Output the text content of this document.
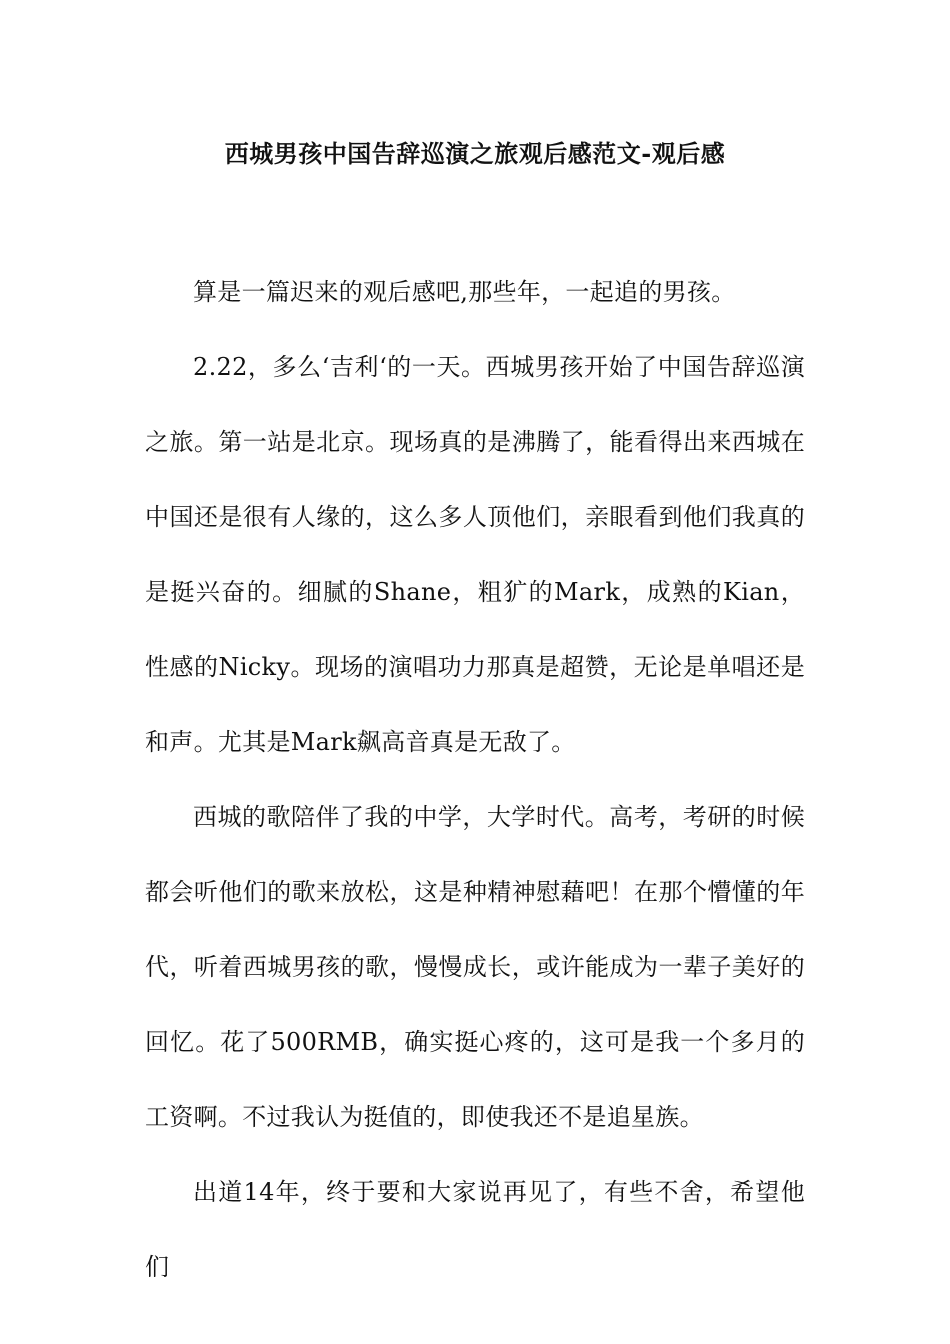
西城男孩中国告辞巡演之旅观后感范文-观后感

算是一篇迟来的观后感吧,那些年，一起追的男孩。

2.22，多么‘吉利‘的一天。西城男孩开始了中国告辞巡演之旅。第一站是北京。现场真的是沸腾了，能看得出来西城在中国还是很有人缘的，这么多人顶他们，亲眼看到他们我真的是挺兴奋的。细腻的Shane，粗犷的Mark，成熟的Kian，性感的Nicky。现场的演唱功力那真是超赞，无论是单唱还是和声。尤其是Mark飙高音真是无敌了。

西城的歌陪伴了我的中学，大学时代。高考，考研的时候都会听他们的歌来放松，这是种精神慰藉吧！在那个懵懂的年代，听着西城男孩的歌，慢慢成长，或许能成为一辈子美好的回忆。花了500RMB，确实挺心疼的，这可是我一个多月的工资啊。不过我认为挺值的，即使我还不是追星族。

出道14年，终于要和大家说再见了，有些不舍，希望他们
